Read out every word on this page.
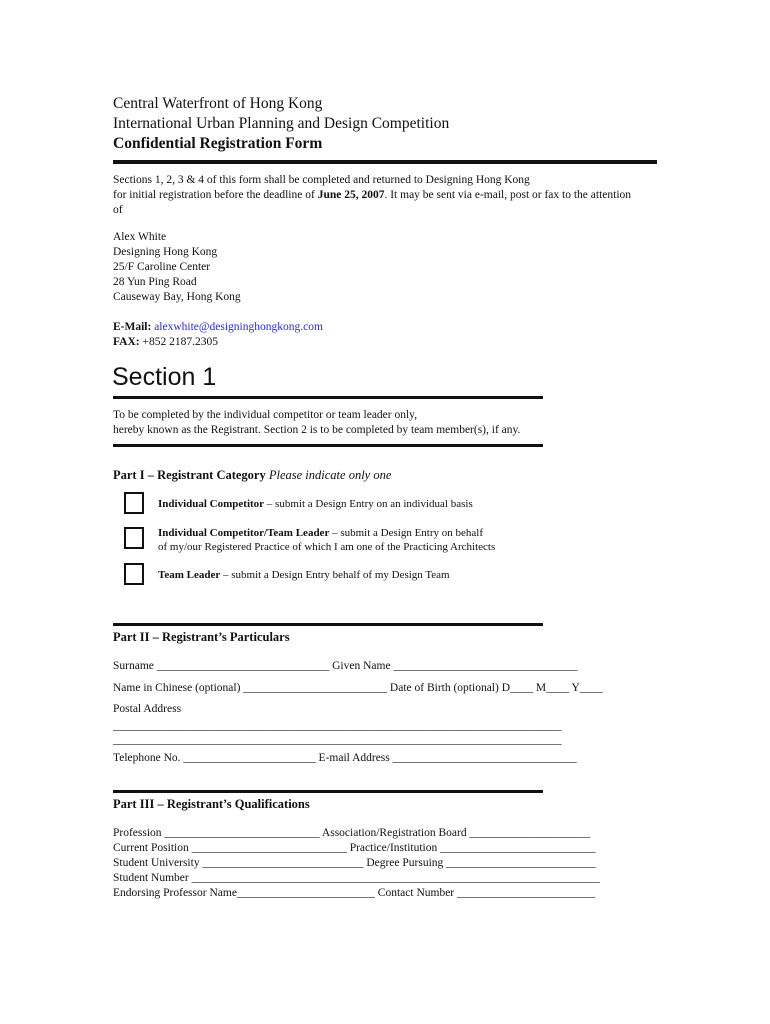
Central Waterfront of Hong Kong
International Urban Planning and Design Competition
Confidential Registration Form
Sections 1, 2, 3 & 4 of this form shall be completed and returned to Designing Hong Kong
for initial registration before the deadline of June 25, 2007. It may be sent via e-mail, post or fax to the attention
of
Alex White
Designing Hong Kong
25/F Caroline Center
28 Yun Ping Road
Causeway Bay, Hong Kong
E-Mail: alexwhite@designinghongkong.com
FAX: +852 2187.2305
Section 1
To be completed by the individual competitor or team leader only,
hereby known as the Registrant. Section 2 is to be completed by team member(s), if any.
Part I – Registrant Category Please indicate only one
Individual Competitor – submit a Design Entry on an individual basis
Individual Competitor/Team Leader – submit a Design Entry on behalf
of my/our Registered Practice of which I am one of the Practicing Architects
Team Leader – submit a Design Entry behalf of my Design Team
Part II – Registrant’s Particulars
Surname ______________________________ Given Name ________________________________
Name in Chinese (optional) _________________________ Date of Birth (optional) D____ M____ Y____
Postal Address
______________________________________________________________________________
______________________________________________________________________________
Telephone No. _______________________ E-mail Address ________________________________
Part III – Registrant’s Qualifications
Profession ___________________________ Association/Registration Board _____________________
Current Position ___________________________ Practice/Institution ___________________________
Student University ____________________________ Degree Pursuing __________________________
Student Number _______________________________________________________________________
Endorsing Professor Name________________________ Contact Number ________________________
